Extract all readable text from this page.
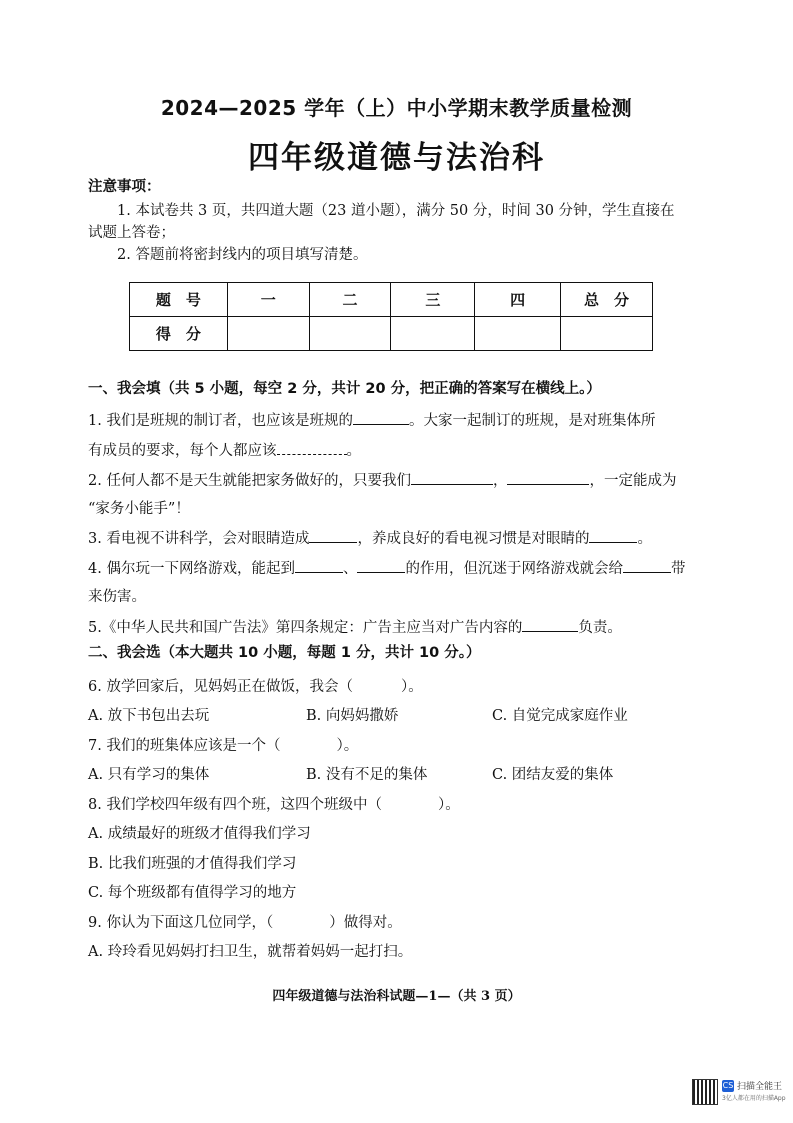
2024—2025 学年（上）中小学期末教学质量检测
四年级道德与法治科
注意事项：
1. 本试卷共 3 页，共四道大题（23 道小题），满分 50 分，时间 30 分钟，学生直接在
试题上答卷；
2. 答题前将密封线内的项目填写清楚。
题　号	一	二	三	四	总　分
得　分					
一、我会填（共 5 小题，每空 2 分，共计 20 分，把正确的答案写在横线上。）
1. 我们是班规的制订者，也应该是班规的	。大家一起制订的班规，是对班集体所
有成员的要求，每个人都应该	。
2. 任何人都不是天生就能把家务做好的，只要我们	，	，一定能成为
“家务小能手”！
3. 看电视不讲科学，会对眼睛造成	，养成良好的看电视习惯是对眼睛的	。
4. 偶尔玩一下网络游戏，能起到	、	的作用，但沉迷于网络游戏就会给	带
来伤害。
5.《中华人民共和国广告法》第四条规定：广告主应当对广告内容的	负责。
二、我会选（本大题共 10 小题，每题 1 分，共计 10 分。）
6. 放学回家后，见妈妈正在做饭，我会（	）。
A. 放下书包出去玩	B. 向妈妈撒娇	C. 自觉完成家庭作业
7. 我们的班集体应该是一个（	）。
A. 只有学习的集体	B. 没有不足的集体	C. 团结友爱的集体
8. 我们学校四年级有四个班，这四个班级中（	）。
A. 成绩最好的班级才值得我们学习
B. 比我们班强的才值得我们学习
C. 每个班级都有值得学习的地方
9. 你认为下面这几位同学，（	）做得对。
A. 玲玲看见妈妈打扫卫生，就帮着妈妈一起打扫。
四年级道德与法治科试题—1—（共 3 页）
CS 扫描全能王
3亿人都在用的扫描App
